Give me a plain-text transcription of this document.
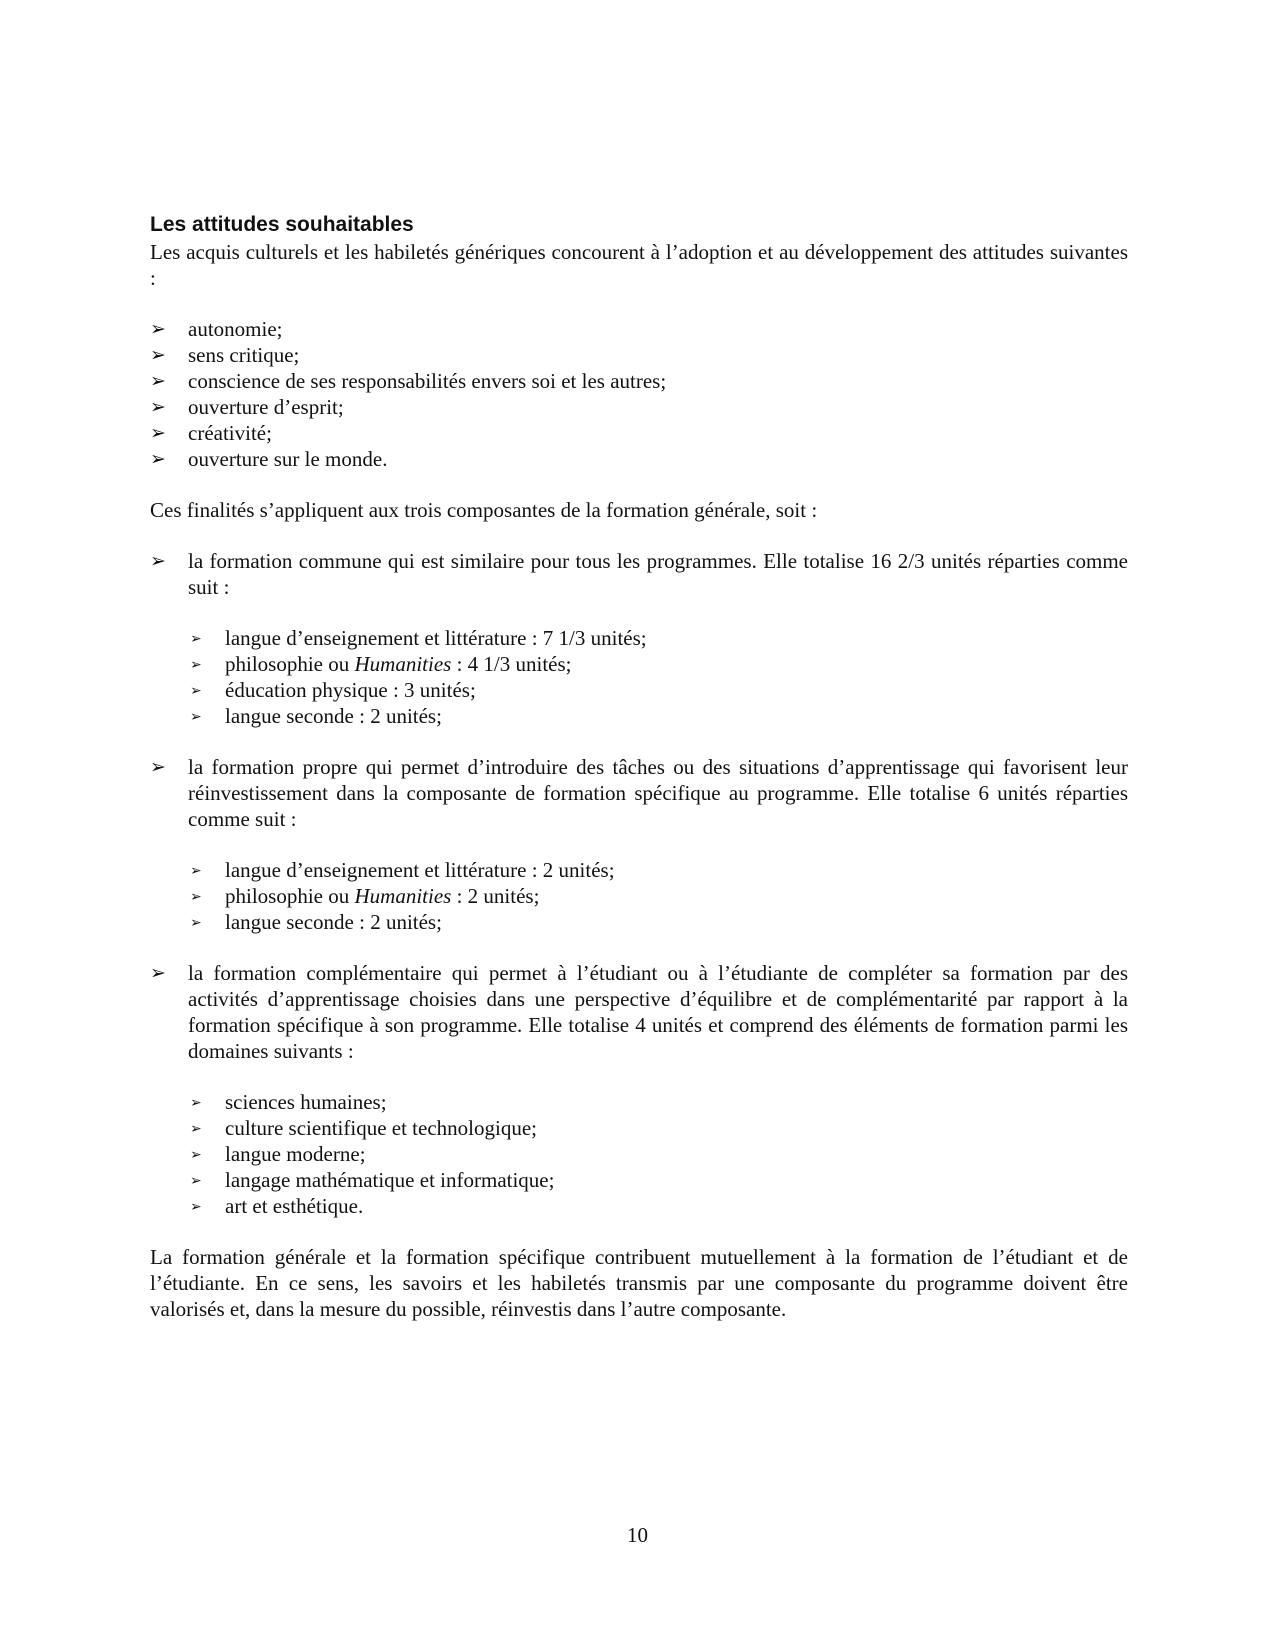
Les attitudes souhaitables

Les acquis culturels et les habiletés génériques concourent à l’adoption et au développement des attitudes suivantes :

➢ autonomie;
➢ sens critique;
➢ conscience de ses responsabilités envers soi et les autres;
➢ ouverture d’esprit;
➢ créativité;
➢ ouverture sur le monde.

Ces finalités s’appliquent aux trois composantes de la formation générale, soit :

➢ la formation commune qui est similaire pour tous les programmes. Elle totalise 16 2/3 unités réparties comme suit :
➢ langue d’enseignement et littérature : 7 1/3 unités;
➢ philosophie ou Humanities : 4 1/3 unités;
➢ éducation physique : 3 unités;
➢ langue seconde : 2 unités;
➢ la formation propre qui permet d’introduire des tâches ou des situations d’apprentissage qui favorisent leur réinvestissement dans la composante de formation spécifique au programme. Elle totalise 6 unités réparties comme suit :
➢ langue d’enseignement et littérature : 2 unités;
➢ philosophie ou Humanities : 2 unités;
➢ langue seconde : 2 unités;
➢ la formation complémentaire qui permet à l’étudiant ou à l’étudiante de compléter sa formation par des activités d’apprentissage choisies dans une perspective d’équilibre et de complémentarité par rapport à la formation spécifique à son programme. Elle totalise 4 unités et comprend des éléments de formation parmi les domaines suivants :
➢ sciences humaines;
➢ culture scientifique et technologique;
➢ langue moderne;
➢ langage mathématique et informatique;
➢ art et esthétique.

La formation générale et la formation spécifique contribuent mutuellement à la formation de l’étudiant et de l’étudiante. En ce sens, les savoirs et les habiletés transmis par une composante du programme doivent être valorisés et, dans la mesure du possible, réinvestis dans l’autre composante.

10
